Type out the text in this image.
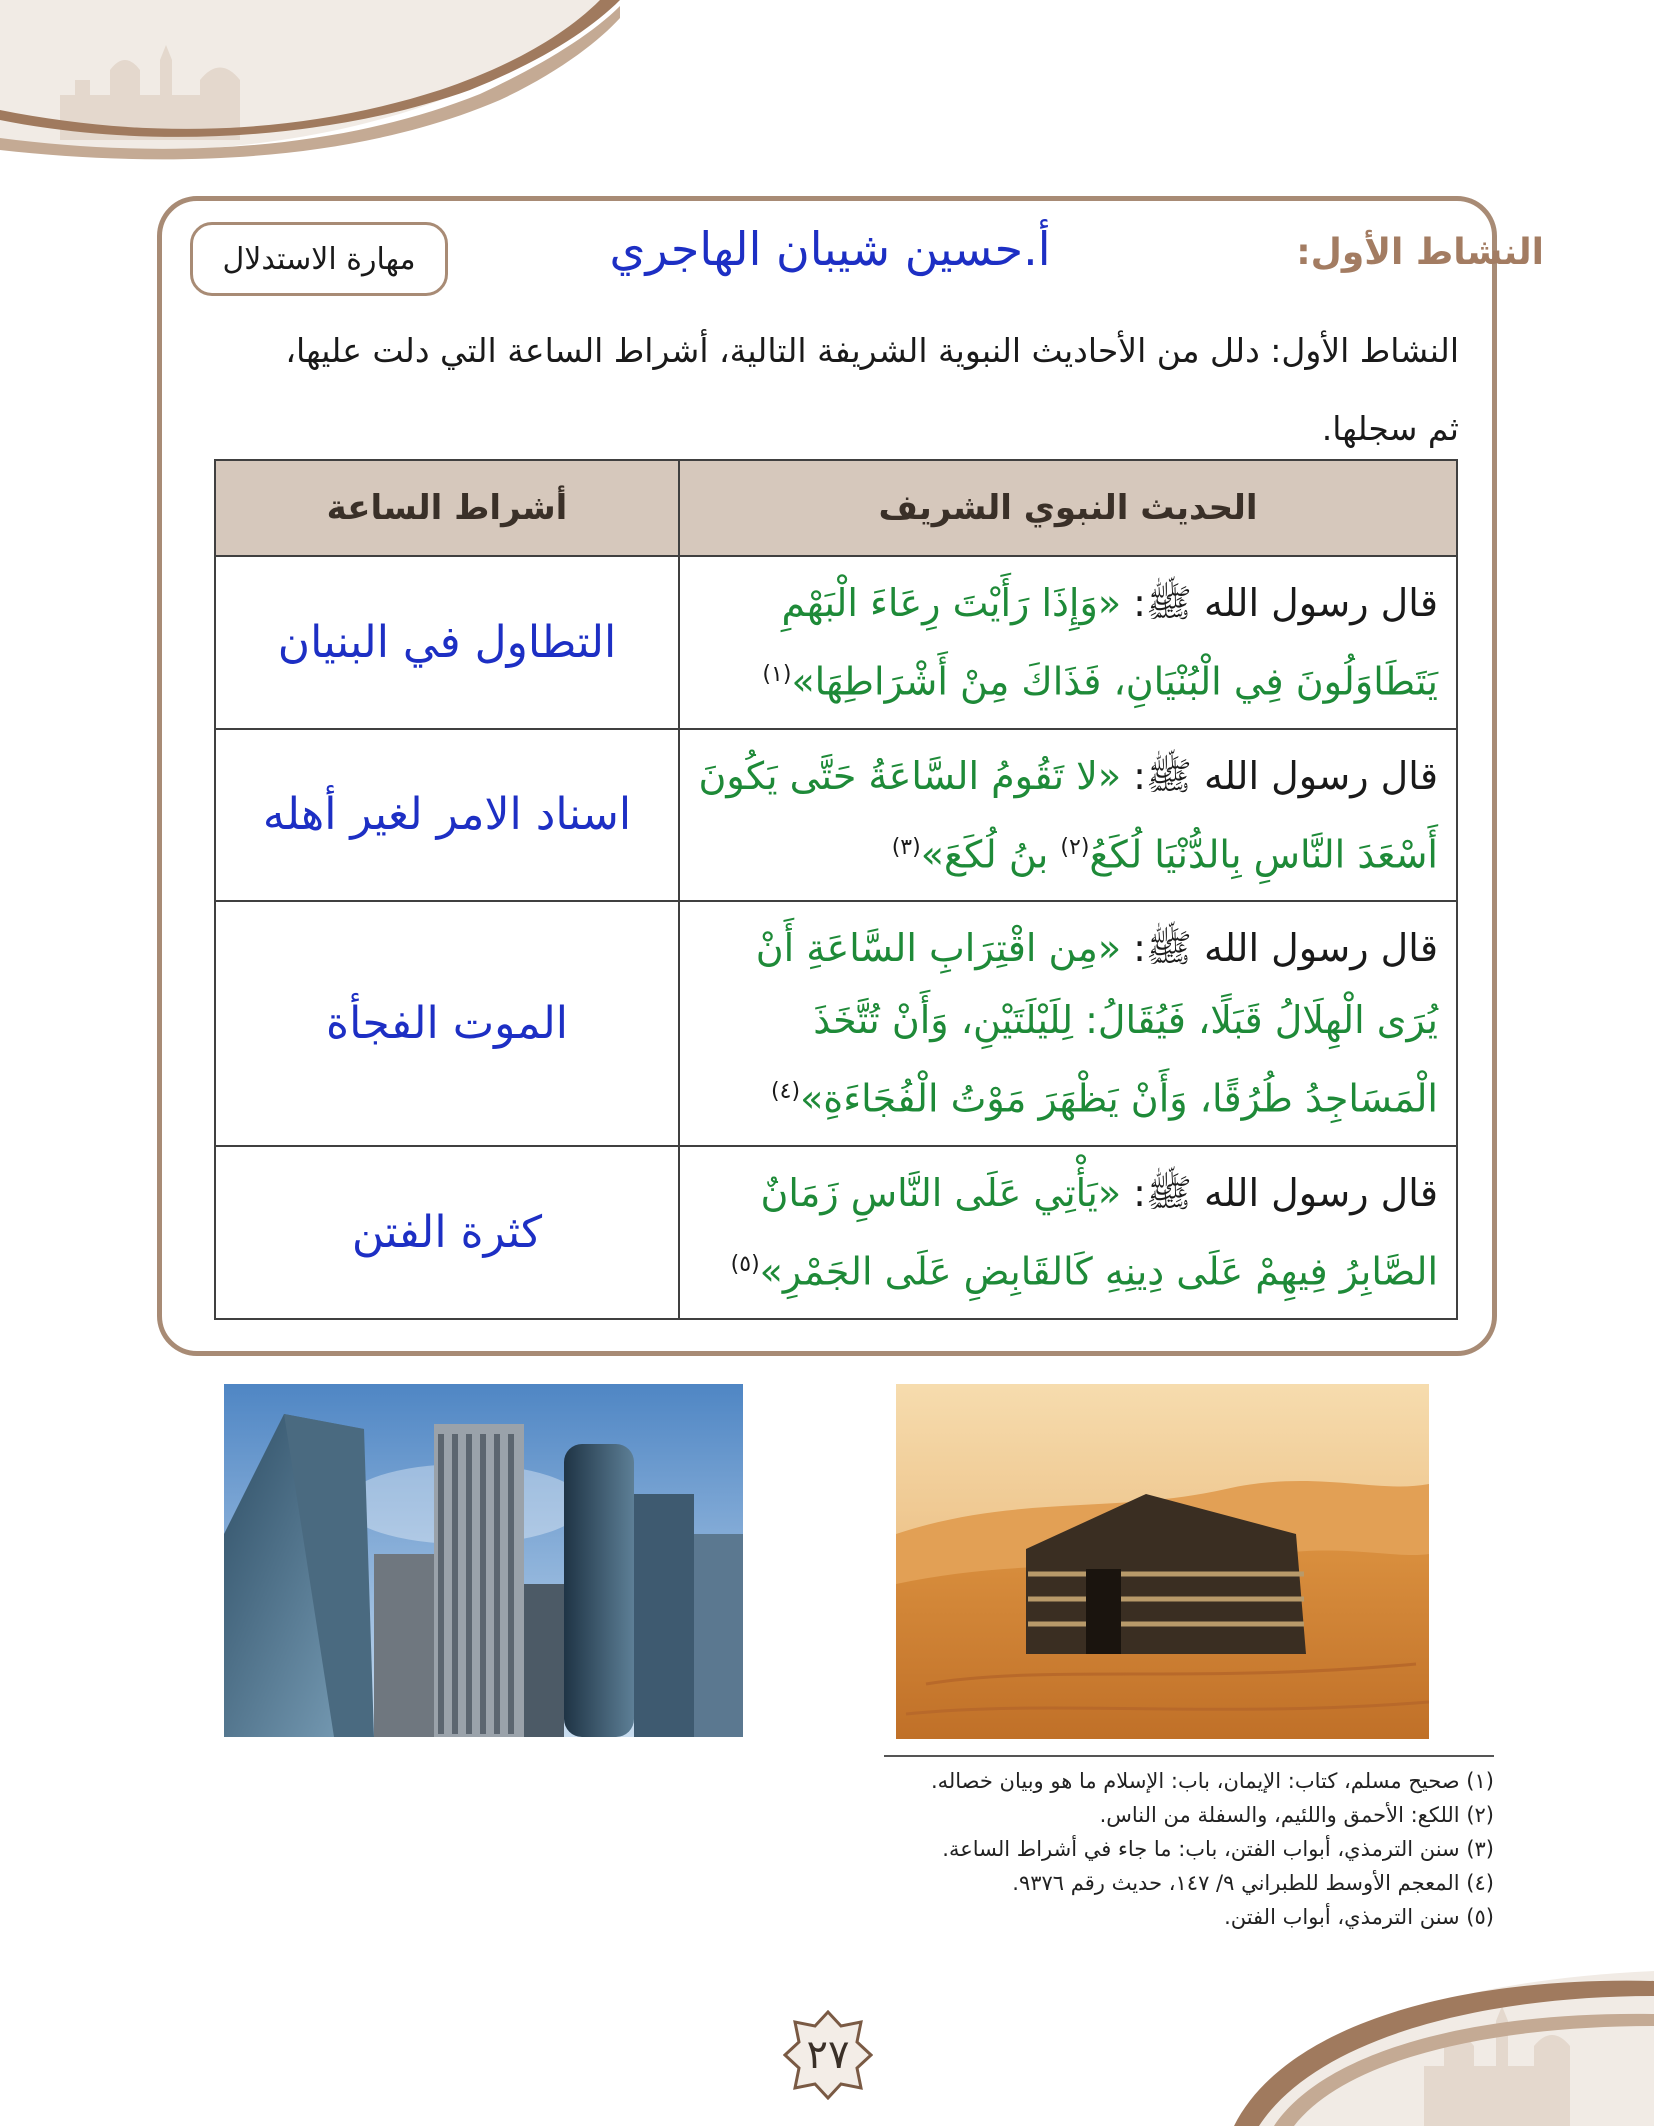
النشاط الأول:
أ.حسين شيبان الهاجري
مهارة الاستدلال
النشاط الأول: دلل من الأحاديث النبوية الشريفة التالية، أشراط الساعة التي دلت عليها،
ثم سجلها.
الحديث النبوي الشريف	أشراط الساعة
قال رسول الله ﷺ: «وَإِذَا رَأَيْتَ رِعَاءَ الْبَهْمِ يَتَطَاوَلُونَ فِي الْبُنْيَانِ، فَذَاكَ مِنْ أَشْرَاطِهَا»$^{(١)}$	التطاول في البنيان
قال رسول الله ﷺ: «لا تَقُومُ السَّاعَةُ حَتَّى يَكُونَ أَسْعَدَ النَّاسِ بِالدُّنْيَا لُكَعُ$^{(٢)}$ بنُ لُكَعَ»$^{(٣)}$	اسناد الامر لغير أهله
قال رسول الله ﷺ: «مِن اقْتِرَابِ السَّاعَةِ أَنْ يُرَى الْهِلَالُ قَبَلًا، فَيُقَالُ: لِلَيْلَتَيْنِ، وَأَنْ تُتَّخَذَ الْمَسَاجِدُ طُرُقًا، وَأَنْ يَظْهَرَ مَوْتُ الْفُجَاءَةِ»$^{(٤)}$	الموت الفجأة
قال رسول الله ﷺ: «يَأْتِي عَلَى النَّاسِ زَمَانٌ الصَّابِرُ فِيهِمْ عَلَى دِينِهِ كَالقَابِضِ عَلَى الجَمْرِ»$^{(٥)}$	كثرة الفتن

(١) صحيح مسلم، كتاب: الإيمان، باب: الإسلام ما هو وبيان خصاله.

(٢) اللكع: الأحمق واللئيم، والسفلة من الناس.

(٣) سنن الترمذي، أبواب الفتن، باب: ما جاء في أشراط الساعة.

(٤) المعجم الأوسط للطبراني ٩/ ١٤٧، حديث رقم ٩٣٧٦.

(٥) سنن الترمذي، أبواب الفتن.

٢٧
